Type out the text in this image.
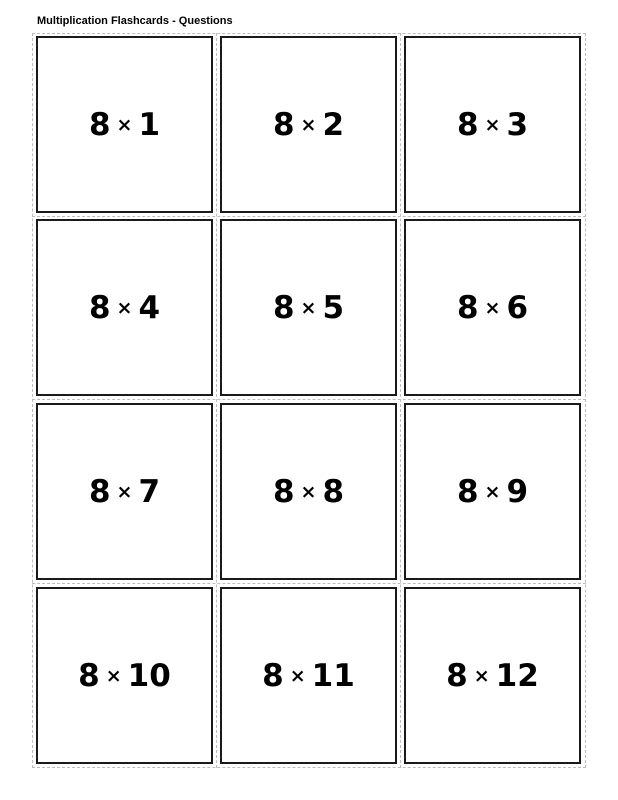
Multiplication Flashcards - Questions
8 × 1	8 × 2	8 × 3
8 × 4	8 × 5	8 × 6
8 × 7	8 × 8	8 × 9
8 × 10	8 × 11	8 × 12
